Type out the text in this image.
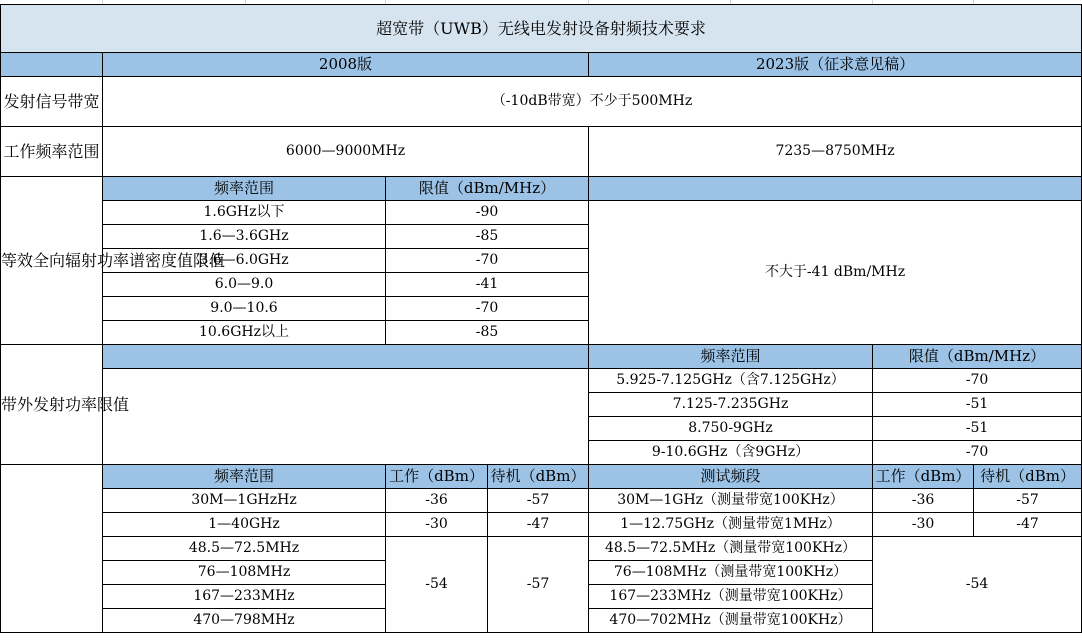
超宽带（UWB）无线电发射设备射频技术要求						
	2008版			2023版（征求意见稿）		
发射信号带宽	（-10dB带宽）不少于500MHz					
工作频率范围	6000—9000MHz			7235—8750MHz		
等效全向辐射功率谱密度值限值	频率范围	限值（dBm/MHz）				
	1.6GHz以下	-90		不大于-41 dBm/MHz		
	1.6—3.6GHz	-85				
	3.6—6.0GHz	-70				
	6.0—9.0	-41				
	9.0—10.6	-70				
	10.6GHz以上	-85				
带外发射功率限值				频率范围	限值（dBm/MHz）	
				5.925-7.125GHz（含7.125GHz）	-70	
				7.125-7.235GHz	-51	
				8.750-9GHz	-51	
				9-10.6GHz（含9GHz）	-70	
	频率范围	工作（dBm）	待机（dBm）	测试频段	工作（dBm）	待机（dBm）
	30M—1GHzHz	-36	-57	30M—1GHz（测量带宽100KHz）	-36	-57
	1—40GHz	-30	-47	1—12.75GHz（测量带宽1MHz）	-30	-47
	48.5—72.5MHz	-54	-57	48.5—72.5MHz（测量带宽100KHz）	-54	
	76—108MHz			76—108MHz（测量带宽100KHz）		
	167—233MHz			167—233MHz（测量带宽100KHz）		
	470—798MHz			470—702MHz（测量带宽100KHz）		
